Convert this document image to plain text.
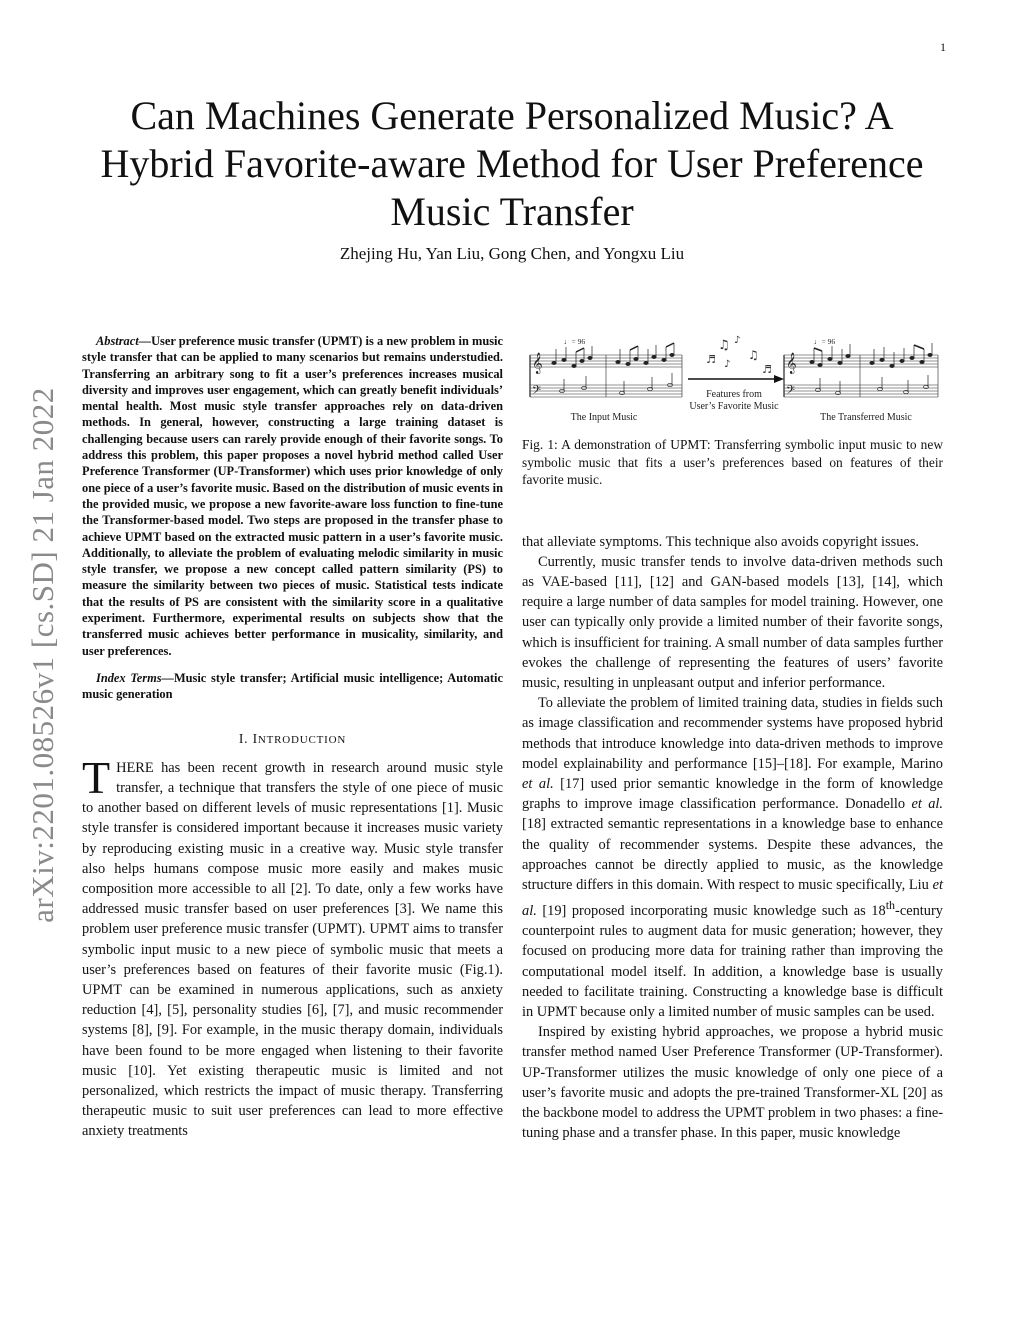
1
arXiv:2201.08526v1 [cs.SD] 21 Jan 2022
Can Machines Generate Personalized Music? A Hybrid Favorite-aware Method for User Preference Music Transfer
Zhejing Hu, Yan Liu, Gong Chen, and Yongxu Liu

Abstract—User preference music transfer (UPMT) is a new problem in music style transfer that can be applied to many scenarios but remains understudied. Transferring an arbitrary song to fit a user’s preferences increases musical diversity and improves user engagement, which can greatly benefit individuals’ mental health. Most music style transfer approaches rely on data-driven methods. In general, however, constructing a large training dataset is challenging because users can rarely provide enough of their favorite songs. To address this problem, this paper proposes a novel hybrid method called User Preference Transformer (UP-Transformer) which uses prior knowledge of only one piece of a user’s favorite music. Based on the distribution of music events in the provided music, we propose a new favorite-aware loss function to fine-tune the Transformer-based model. Two steps are proposed in the transfer phase to achieve UPMT based on the extracted music pattern in a user’s favorite music. Additionally, to alleviate the problem of evaluating melodic similarity in music style transfer, we propose a new concept called pattern similarity (PS) to measure the similarity between two pieces of music. Statistical tests indicate that the results of PS are consistent with the similarity score in a qualitative experiment. Furthermore, experimental results on subjects show that the transferred music achieves better performance in musicality, similarity, and user preferences.

Index Terms—Music style transfer; Artificial music intelligence; Automatic music generation

I. INTRODUCTION

THERE has been recent growth in research around music style transfer, a technique that transfers the style of one piece of music to another based on different levels of music representations [1]. Music style transfer is considered important because it increases music variety by reproducing existing music in a creative way. Music style transfer also helps humans compose music more easily and makes music composition more accessible to all [2]. To date, only a few works have addressed music transfer based on user preferences [3]. We name this problem user preference music transfer (UPMT). UPMT aims to transfer symbolic input music to a new piece of symbolic music that meets a user’s preferences based on features of their favorite music (Fig.1). UPMT can be examined in numerous applications, such as anxiety reduction [4], [5], personality studies [6], [7], and music recommender systems [8], [9]. For example, in the music therapy domain, individuals have been found to be more engaged when listening to their favorite music [10]. Yet existing therapeutic music is limited and not personalized, which restricts the impact of music therapy. Transferring therapeutic music to suit user preferences can lead to more effective anxiety treatments

𝄞
𝄢
𝄞
𝄢
♫ ♪
♬	♫
♬
♪
♩= 96	♩= 96
The Input Music
Features from
User’s Favorite Music
The Transferred Music

Fig. 1: A demonstration of UPMT: Transferring symbolic input music to new symbolic music that fits a user’s preferences based on features of their favorite music.

that alleviate symptoms. This technique also avoids copyright issues.

Currently, music transfer tends to involve data-driven methods such as VAE-based [11], [12] and GAN-based models [13], [14], which require a large number of data samples for model training. However, one user can typically only provide a limited number of their favorite songs, which is insufficient for training. A small number of data samples further evokes the challenge of representing the features of users’ favorite music, resulting in unpleasant output and inferior performance.

To alleviate the problem of limited training data, studies in fields such as image classification and recommender systems have proposed hybrid methods that introduce knowledge into data-driven methods to improve model explainability and performance [15]–[18]. For example, Marino et al. [17] used prior semantic knowledge in the form of knowledge graphs to improve image classification performance. Donadello et al. [18] extracted semantic representations in a knowledge base to enhance the quality of recommender systems. Despite these advances, the approaches cannot be directly applied to music, as the knowledge structure differs in this domain. With respect to music specifically, Liu et al. [19] proposed incorporating music knowledge such as 18th-century counterpoint rules to augment data for music generation; however, they focused on producing more data for training rather than improving the computational model itself. In addition, a knowledge base is usually needed to facilitate training. Constructing a knowledge base is difficult in UPMT because only a limited number of music samples can be used.

Inspired by existing hybrid approaches, we propose a hybrid music transfer method named User Preference Transformer (UP-Transformer). UP-Transformer utilizes the music knowledge of only one piece of a user’s favorite music and adopts the pre-trained Transformer-XL [20] as the backbone model to address the UPMT problem in two phases: a fine-tuning phase and a transfer phase. In this paper, music knowledge
